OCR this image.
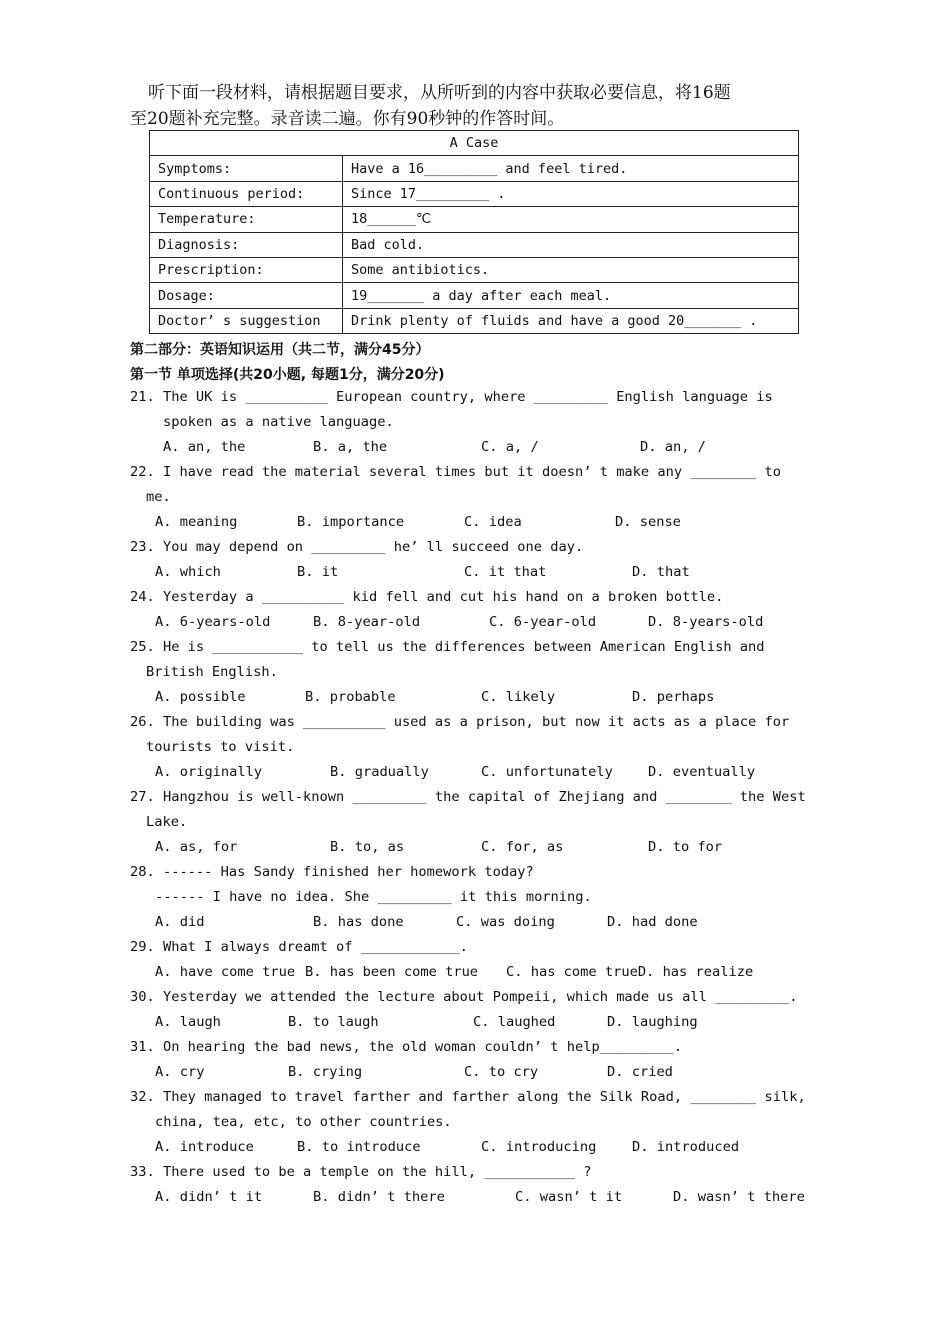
听下面一段材料，请根据题目要求，从所听到的内容中获取必要信息，将16题
至20题补充完整。录音读二遍。你有90秒钟的作答时间。
A Case	
Symptoms:	Have a 16_________ and feel tired.
Continuous period:	Since 17_________ .
Temperature:	18______℃
Diagnosis:	Bad cold.
Prescription:	Some antibiotics.
Dosage:	19_______ a day after each meal.
Doctor’ s suggestion	Drink plenty of fluids and have a good 20_______ .
第二部分：英语知识运用（共二节，满分45分）
第一节 单项选择(共20小题, 每题1分，满分20分)
21. The UK is __________ European country, where _________ English language is
spoken as a native language.
A. an, the	B. a, the	C. a, /	D. an, /
22. I have read the material several times but it doesn’ t make any ________ to
me.
A. meaning	B. importance	C. idea	D. sense
23. You may depend on _________ he’ ll succeed one day.
A. which	B. it	C. it that	D. that
24. Yesterday a __________ kid fell and cut his hand on a broken bottle.
A. 6-years-old	B. 8-year-old	C. 6-year-old	D. 8-years-old
25. He is ___________ to tell us the differences between American English and
British English.
A. possible	B. probable	C. likely	D. perhaps
26. The building was __________ used as a prison, but now it acts as a place for
tourists to visit.
A. originally	B. gradually	C. unfortunately	D. eventually
27. Hangzhou is well-known _________ the capital of Zhejiang and ________ the West
Lake.
A. as, for	B. to, as	C. for, as	D. to for
28. ------ Has Sandy finished her homework today?
------ I have no idea. She _________ it this morning.
A. did	B. has done	C. was doing	D. had done
29. What I always dreamt of ____________.
A. have come true B. has been come true C. has come trueD. has realize
30. Yesterday we attended the lecture about Pompeii, which made us all _________.
A. laugh	B. to laugh	C. laughed	D. laughing
31. On hearing the bad news, the old woman couldn’ t help_________.
A. cry	B. crying	C. to cry	D. cried
32. They managed to travel farther and farther along the Silk Road, ________ silk,
china, tea, etc, to other countries.
A. introduce	B. to introduce	C. introducing	D. introduced
33. There used to be a temple on the hill, ___________ ?
A. didn’ t it	B. didn’ t there	C. wasn’ t it	D. wasn’ t there
